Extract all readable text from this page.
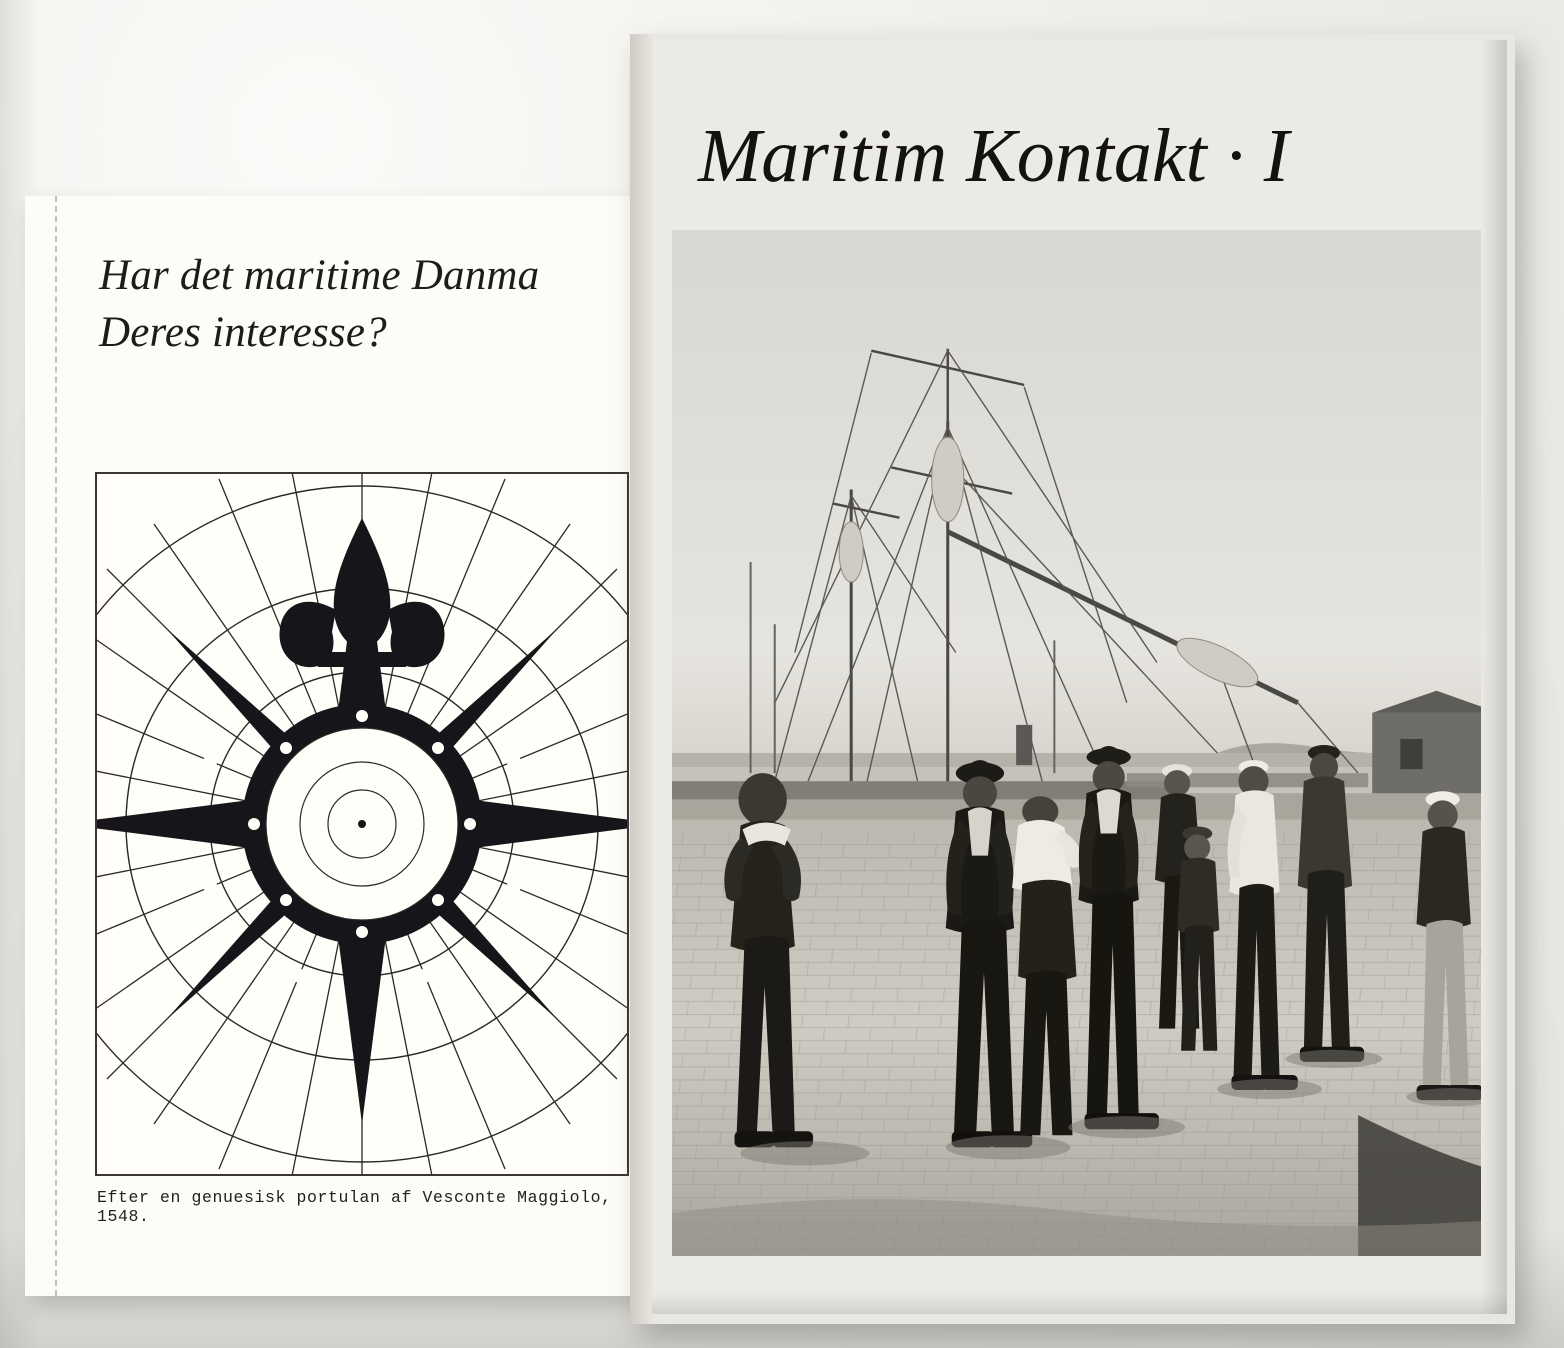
Har det maritime Danma
Deres interesse?
Efter en genuesisk portulan af Vesconte Maggiolo, 1548.
Maritim Kontakt · I
